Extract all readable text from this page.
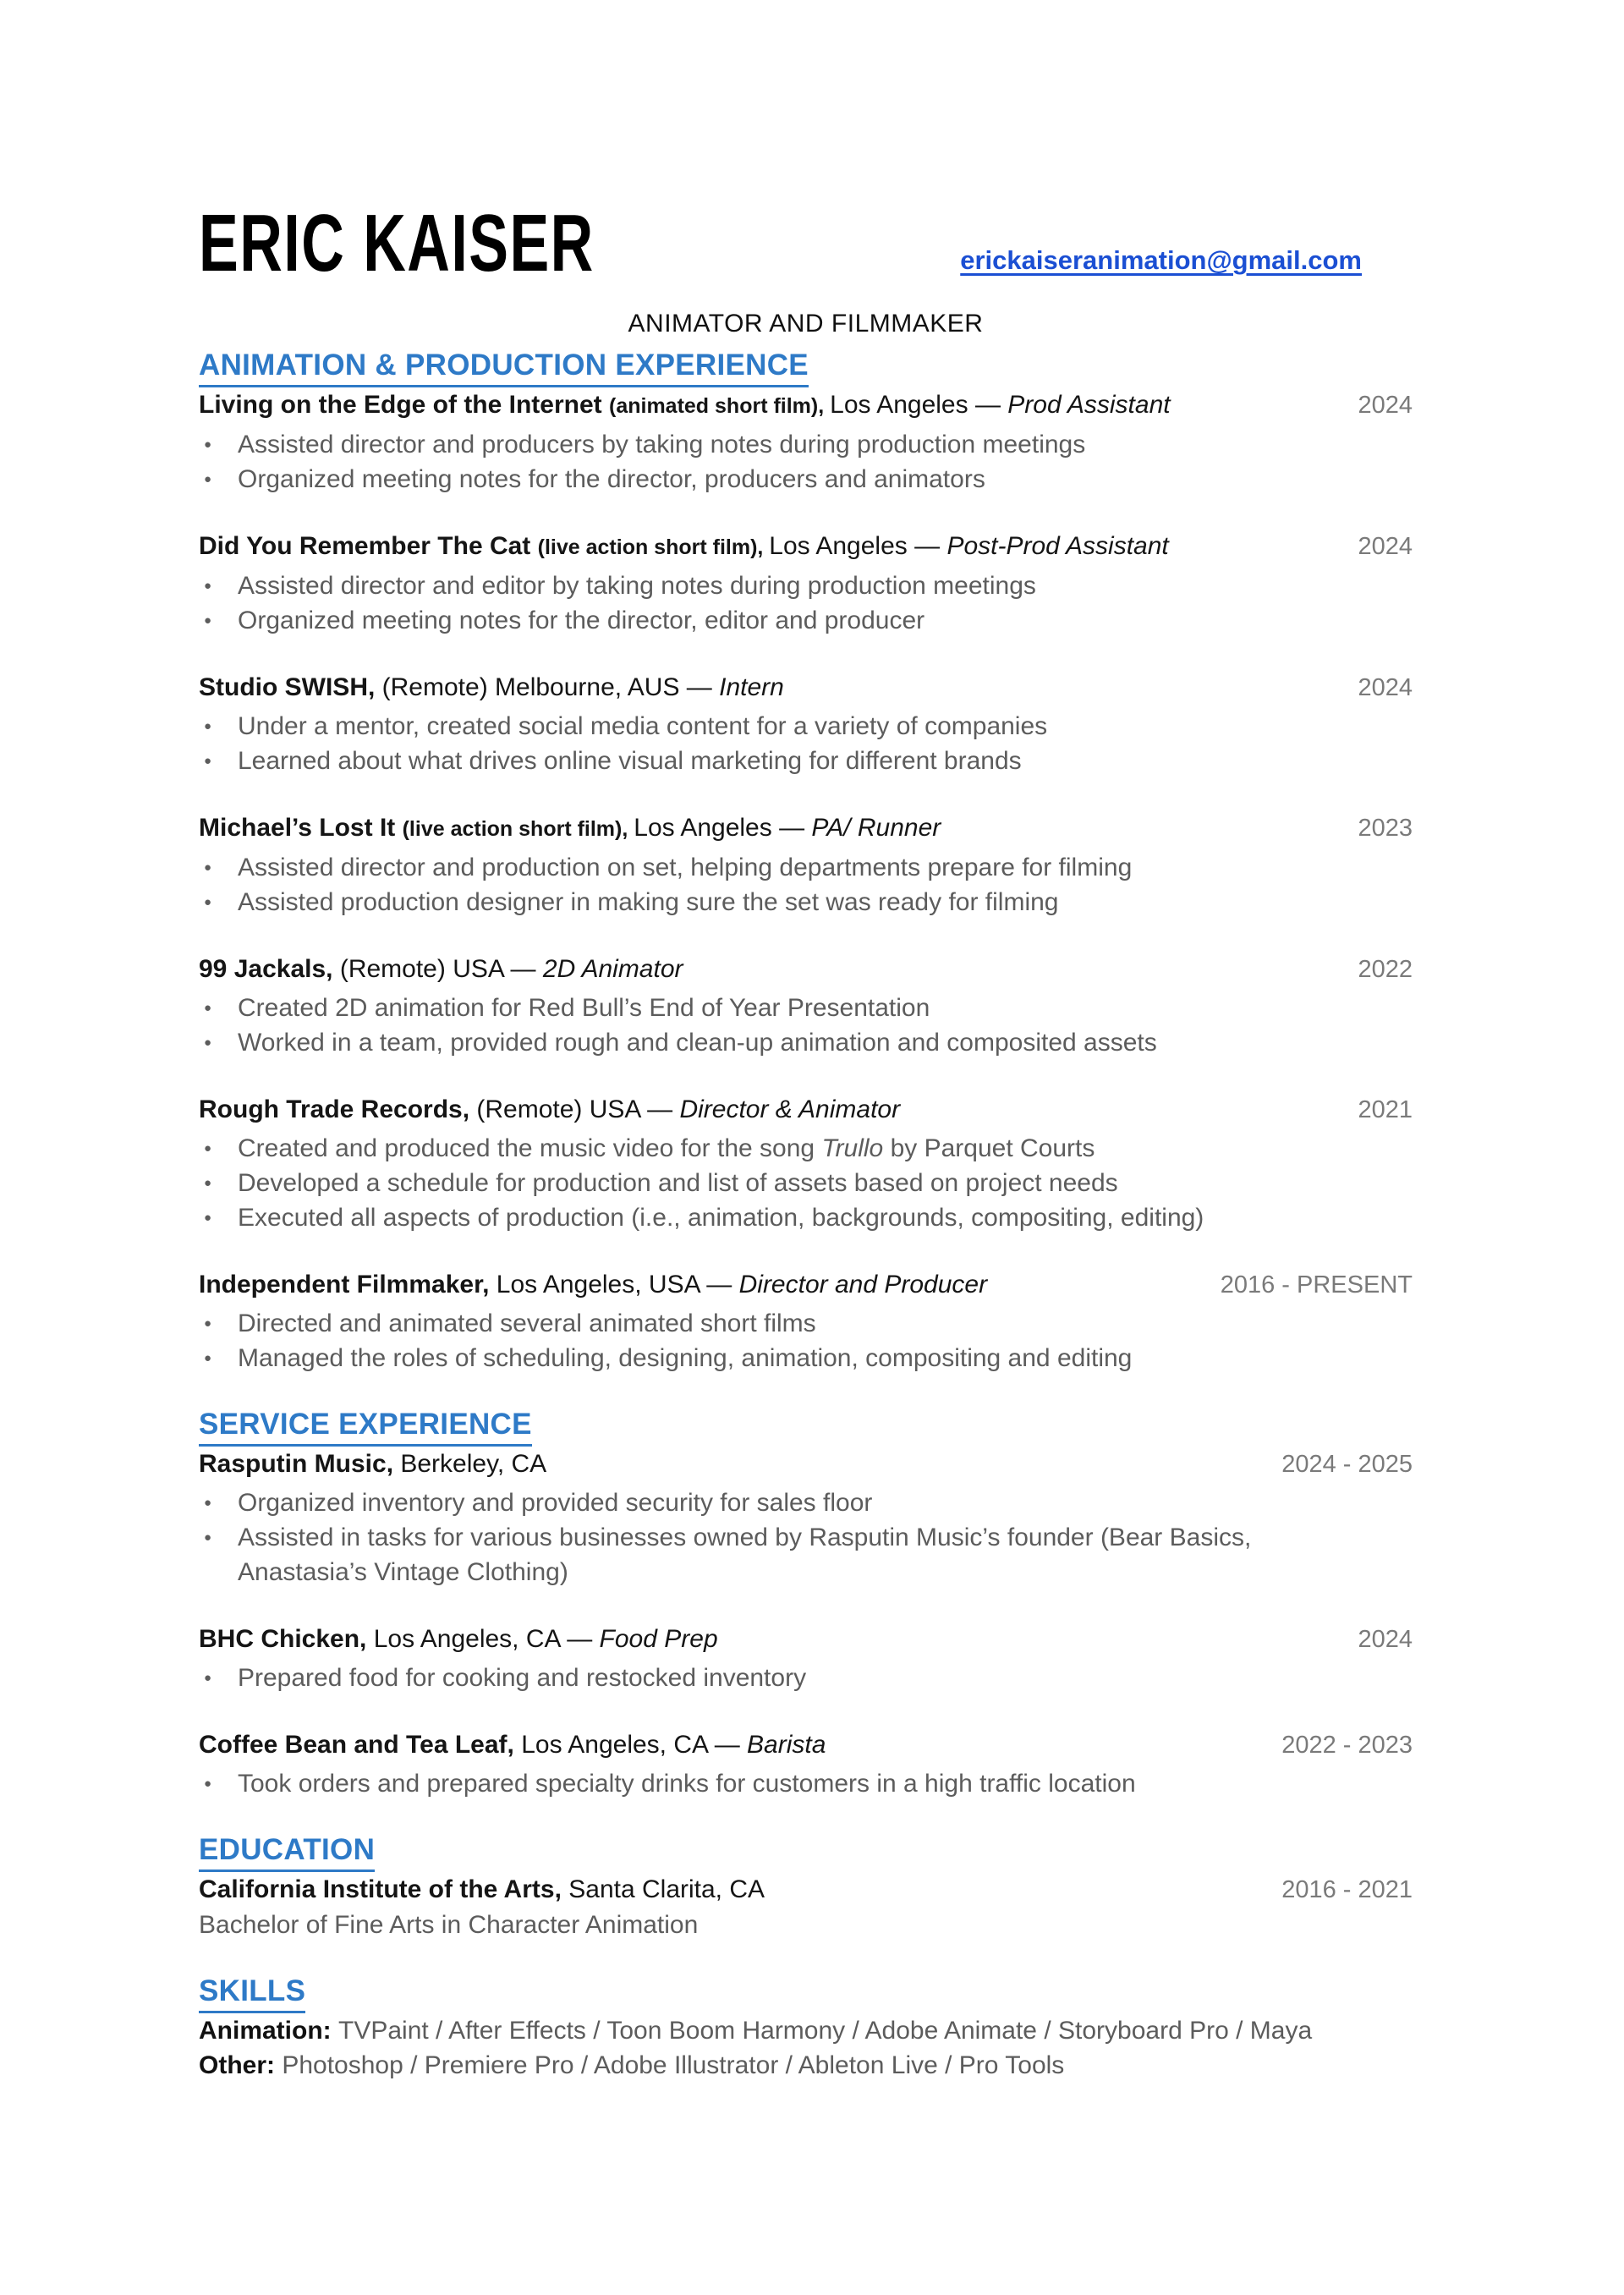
ERIC KAISER	erickaiseranimation@gmail.com
ANIMATOR AND FILMMAKER
ANIMATION & PRODUCTION EXPERIENCE
Living on the Edge of the Internet (animated short film), Los Angeles — Prod Assistant	2024
● Assisted director and producers by taking notes during production meetings
● Organized meeting notes for the director, producers and animators
Did You Remember The Cat (live action short film), Los Angeles — Post-Prod Assistant	2024
● Assisted director and editor by taking notes during production meetings
● Organized meeting notes for the director, editor and producer
Studio SWISH, (Remote) Melbourne, AUS — Intern	2024
● Under a mentor, created social media content for a variety of companies
● Learned about what drives online visual marketing for different brands
Michael’s Lost It (live action short film), Los Angeles — PA/ Runner	2023
● Assisted director and production on set, helping departments prepare for filming
● Assisted production designer in making sure the set was ready for filming
99 Jackals, (Remote) USA — 2D Animator	2022
● Created 2D animation for Red Bull’s End of Year Presentation
● Worked in a team, provided rough and clean-up animation and composited assets
Rough Trade Records, (Remote) USA — Director & Animator	2021
● Created and produced the music video for the song Trullo by Parquet Courts
● Developed a schedule for production and list of assets based on project needs
● Executed all aspects of production (i.e., animation, backgrounds, compositing, editing)
Independent Filmmaker, Los Angeles, USA — Director and Producer	2016 - PRESENT
● Directed and animated several animated short films
● Managed the roles of scheduling, designing, animation, compositing and editing
SERVICE EXPERIENCE
Rasputin Music, Berkeley, CA	2024 - 2025
● Organized inventory and provided security for sales floor
● Assisted in tasks for various businesses owned by Rasputin Music’s founder (Bear Basics, Anastasia’s Vintage Clothing)
BHC Chicken, Los Angeles, CA — Food Prep	2024
● Prepared food for cooking and restocked inventory
Coffee Bean and Tea Leaf, Los Angeles, CA — Barista	2022 - 2023
● Took orders and prepared specialty drinks for customers in a high traffic location
EDUCATION
California Institute of the Arts, Santa Clarita, CA	2016 - 2021
Bachelor of Fine Arts in Character Animation
SKILLS
Animation: TVPaint / After Effects / Toon Boom Harmony / Adobe Animate / Storyboard Pro / Maya
Other: Photoshop / Premiere Pro / Adobe Illustrator / Ableton Live / Pro Tools
